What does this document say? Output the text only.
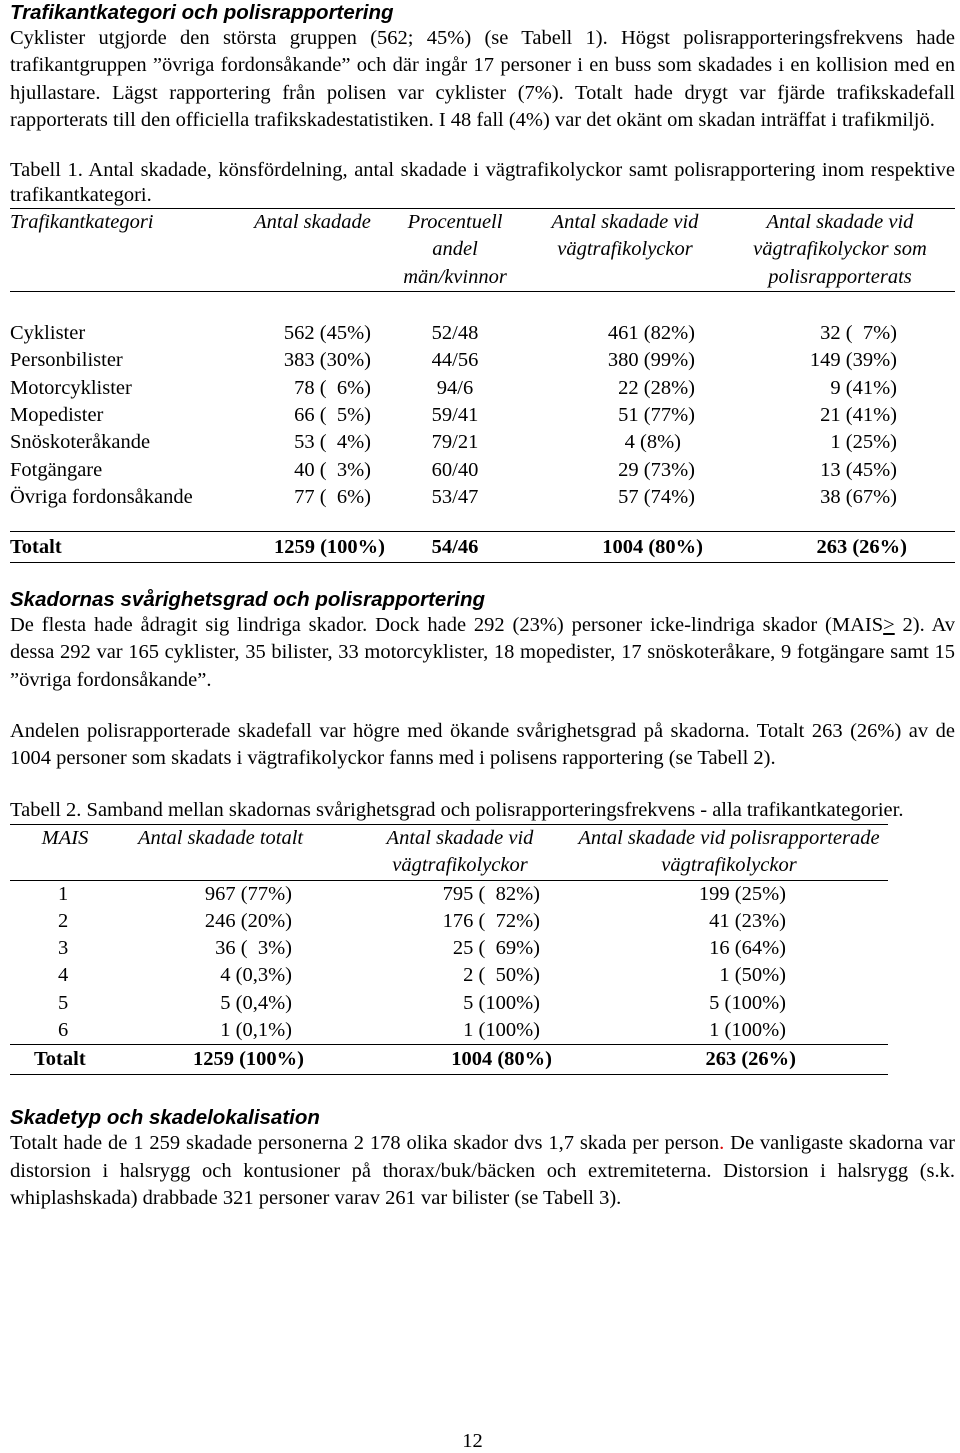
Trafikantkategori och polisrapportering

Cyklister utgjorde den största gruppen (562; 45%) (se Tabell 1). Högst polisrapporteringsfrekvens hade trafikantgruppen ”övriga fordonsåkande” och där ingår 17 personer i en buss som skadades i en kollision med en hjullastare. Lägst rapportering från polisen var cyklister (7%). Totalt hade drygt var fjärde trafikskadefall rapporterats till den officiella trafikskadestatistiken. I 48 fall (4%) var det okänt om skadan inträffat i trafikmiljö.

Tabell 1. Antal skadade, könsfördelning, antal skadade i vägtrafikolyckor samt polisrapportering inom respektive trafikantkategori.

Trafikantkategori	Antal skadade	Procentuell andel män/kvinnor	Antal skadade vid vägtrafikolyckor	Antal skadade vid vägtrafikolyckor som polisrapporterats
Cyklister	562 (45%)	52/48	461 (82%)	32 (  7%)
Personbilister	383 (30%)	44/56	380 (99%)	149 (39%)
Motorcyklister	78 (  6%)	94/6	22 (28%)	9 (41%)
Mopedister	66 (  5%)	59/41	51 (77%)	21 (41%)
Snöskoteråkande	53 (  4%)	79/21	4 (8%)	1 (25%)
Fotgängare	40 (  3%)	60/40	29 (73%)	13 (45%)
Övriga fordonsåkande	77 (  6%)	53/47	57 (74%)	38 (67%)
Totalt	1259 (100%)	54/46	1004 (80%)	263 (26%)
Skadornas svårighetsgrad och polisrapportering

De flesta hade ådragit sig lindriga skador. Dock hade 292 (23%) personer icke-lindriga skador (MAIS> 2). Av dessa 292 var 165 cyklister, 35 bilister, 33 motorcyklister, 18 mopedister, 17 snöskoteråkare, 9 fotgängare samt 15 ”övriga fordonsåkande”.

Andelen polisrapporterade skadefall var högre med ökande svårighetsgrad på skadorna. Totalt 263 (26%) av de 1004 personer som skadats i vägtrafikolyckor fanns med i polisens rapportering (se Tabell 2).

Tabell 2. Samband mellan skadornas svårighetsgrad och polisrapporteringsfrekvens - alla trafikantkategorier.

MAIS	Antal skadade totalt	Antal skadade vid vägtrafikolyckor	Antal skadade vid polisrapporterade vägtrafikolyckor
1	967 (77%)	795 (  82%)	199 (25%)
2	246 (20%)	176 (  72%)	41 (23%)
3	36 (  3%)	25 (  69%)	16 (64%)
4	4 (0,3%)	2 (  50%)	1 (50%)
5	5 (0,4%)	5 (100%)	5 (100%)
6	1 (0,1%)	1 (100%)	1 (100%)
Totalt	1259 (100%)	1004 (80%)	263 (26%)
Skadetyp och skadelokalisation

Totalt hade de 1 259 skadade personerna 2 178 olika skador dvs 1,7 skada per person. De vanligaste skadorna var distorsion i halsrygg och kontusioner på thorax/buk/bäcken och extremiteterna. Distorsion i halsrygg (s.k. whiplashskada) drabbade 321 personer varav 261 var bilister (se Tabell 3).

12
